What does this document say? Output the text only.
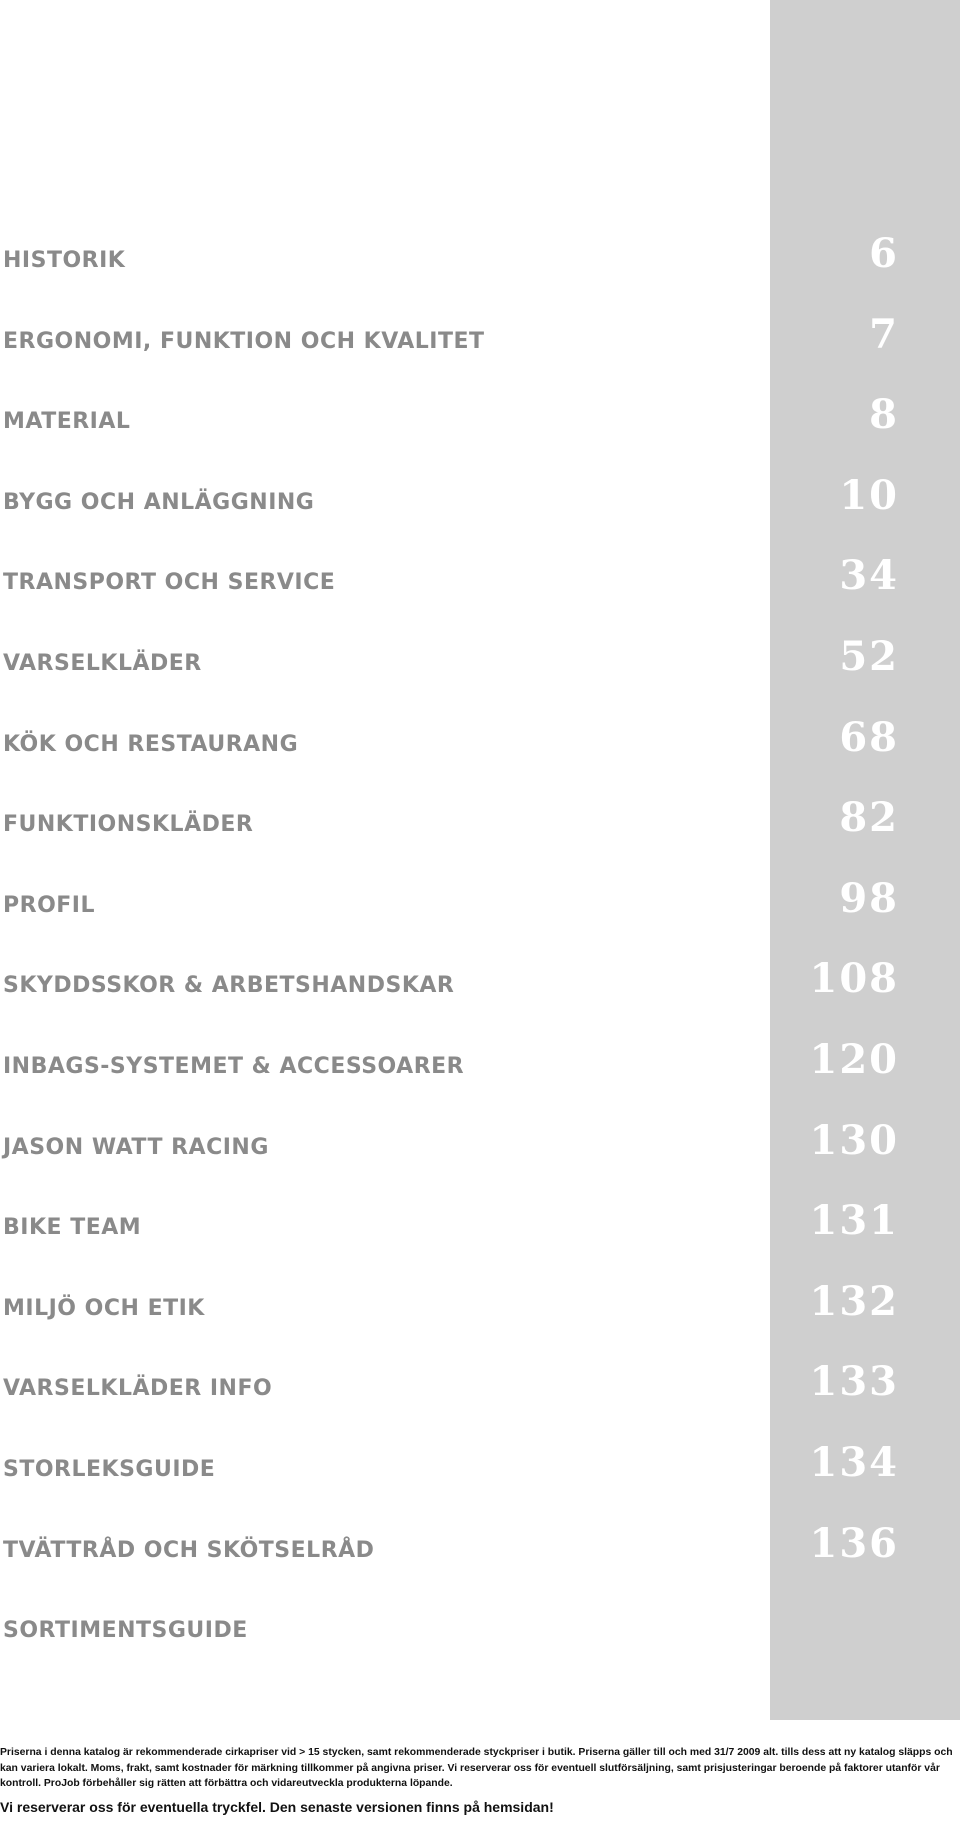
HISTORIK	6
ERGONOMI, FUNKTION OCH KVALITET	7
MATERIAL	8
BYGG OCH ANLÄGGNING	10
TRANSPORT OCH SERVICE	34
VARSELKLÄDER	52
KÖK OCH RESTAURANG	68
FUNKTIONSKLÄDER	82
PROFIL	98
SKYDDSSKOR & ARBETSHANDSKAR	108
INBAGS-SYSTEMET & ACCESSOARER	120
JASON WATT RACING	130
BIKE TEAM	131
MILJÖ OCH ETIK	132
VARSELKLÄDER INFO	133
STORLEKSGUIDE	134
TVÄTTRÅD OCH SKÖTSELRÅD	136
SORTIMENTSGUIDE

Priserna i denna katalog är rekommenderade cirkapriser vid > 15 stycken, samt rekommenderade styckpriser i butik. Priserna gäller till och med 31/7 2009 alt. tills dess att ny katalog släpps och kan variera lokalt. Moms, frakt, samt kostnader för märkning tillkommer på angivna priser. Vi reserverar oss för eventuell slutförsäljning, samt prisjusteringar beroende på faktorer utanför vår kontroll. ProJob förbehåller sig rätten att förbättra och vidareutveckla produkterna löpande.

Vi reserverar oss för eventuella tryckfel. Den senaste versionen finns på hemsidan!
